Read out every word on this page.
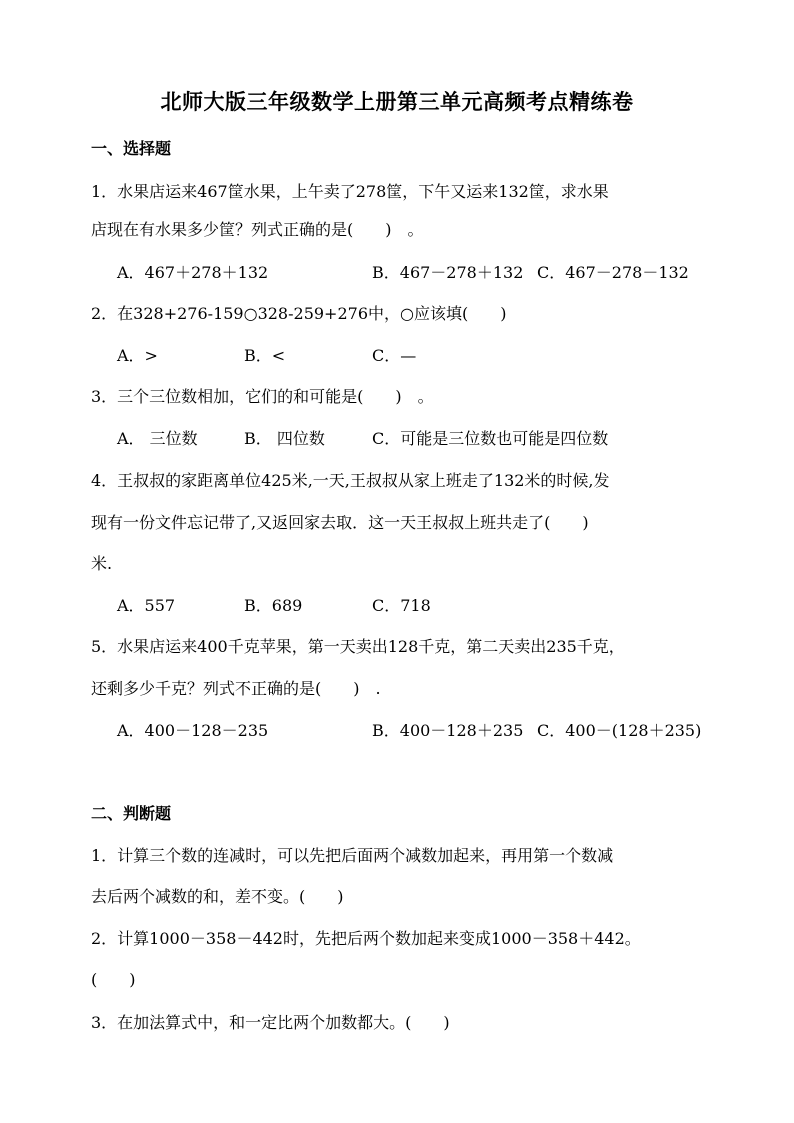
北师大版三年级数学上册第三单元高频考点精练卷
一、选择题
1．水果店运来467筐水果，上午卖了278筐，下午又运来132筐，求水果
店现在有水果多少筐？列式正确的是(　　)　。
A．467＋278＋132	B．467－278＋132 C．467－278－132
2．在328+276-159○328-259+276中，○应该填(　　)
A．>	B．<	C．—
3．三个三位数相加，它们的和可能是(　　)　。
A． 三位数	B． 四位数	C．可能是三位数也可能是四位数
4．王叔叔的家距离单位425米,一天,王叔叔从家上班走了132米的时候,发
现有一份文件忘记带了,又返回家去取．这一天王叔叔上班共走了(　　)
米.
A．557	B．689	C．718
5．水果店运来400千克苹果，第一天卖出128千克，第二天卖出235千克，
还剩多少千克？列式不正确的是(　　)　.
A．400－128－235	B．400－128＋235 C．400－(128＋235)
二、判断题
1．计算三个数的连减时，可以先把后面两个减数加起来，再用第一个数减
去后两个减数的和，差不变。(　　)
2．计算1000－358－442时，先把后两个数加起来变成1000－358＋442。
(　　)
3．在加法算式中，和一定比两个加数都大。(　　)
